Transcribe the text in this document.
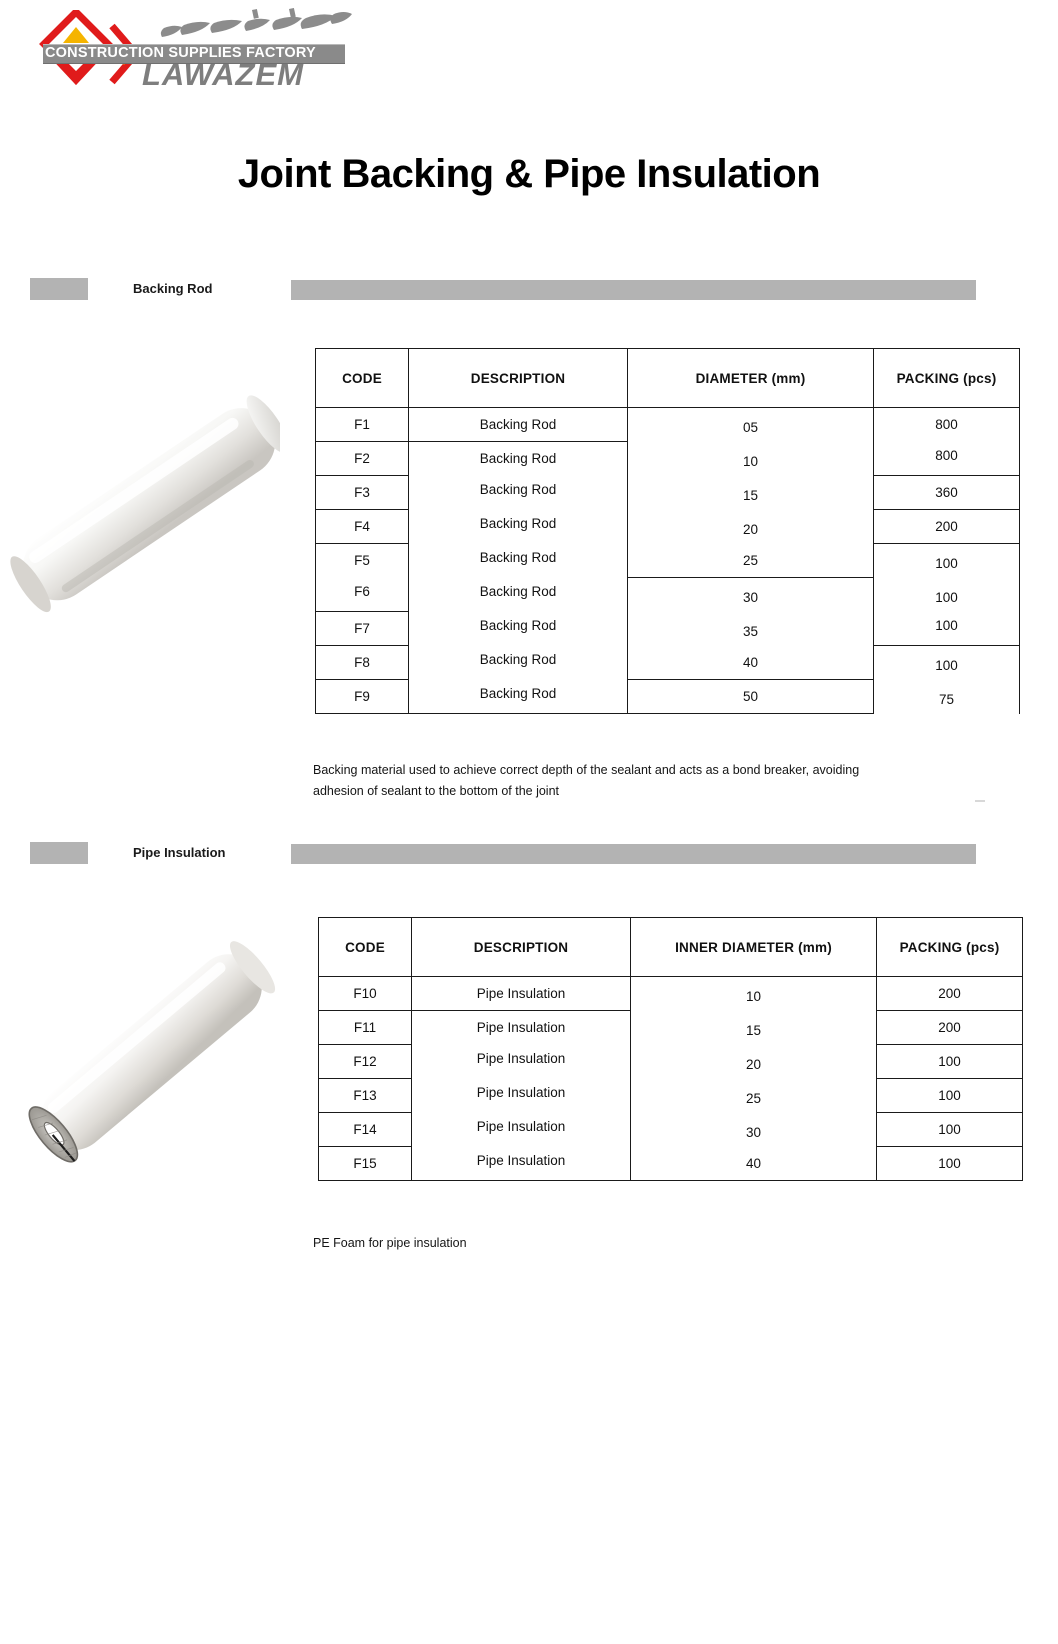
CONSTRUCTION SUPPLIES FACTORY
LAWAZEM
Joint Backing & Pipe Insulation
Backing Rod
CODE	DESCRIPTION	DIAMETER (mm)	PACKING (pcs)
F1	Backing Rod	05	800
F2	Backing Rod	10	800
F3	Backing Rod	15	360
F4	Backing Rod	20	200
F5	Backing Rod	25	100
F6	Backing Rod	30	100
F7	Backing Rod	35	100
F8	Backing Rod	40	100
F9	Backing Rod	50	75
Backing material used to achieve correct depth of the sealant and acts as a bond breaker, avoiding
adhesion of sealant to the bottom of the joint
Pipe Insulation
CODE	DESCRIPTION	INNER DIAMETER (mm)	PACKING (pcs)
F10	Pipe Insulation	10	200
F11	Pipe Insulation	15	200
F12	Pipe Insulation	20	100
F13	Pipe Insulation	25	100
F14	Pipe Insulation	30	100
F15	Pipe Insulation	40	100
PE Foam for pipe insulation
